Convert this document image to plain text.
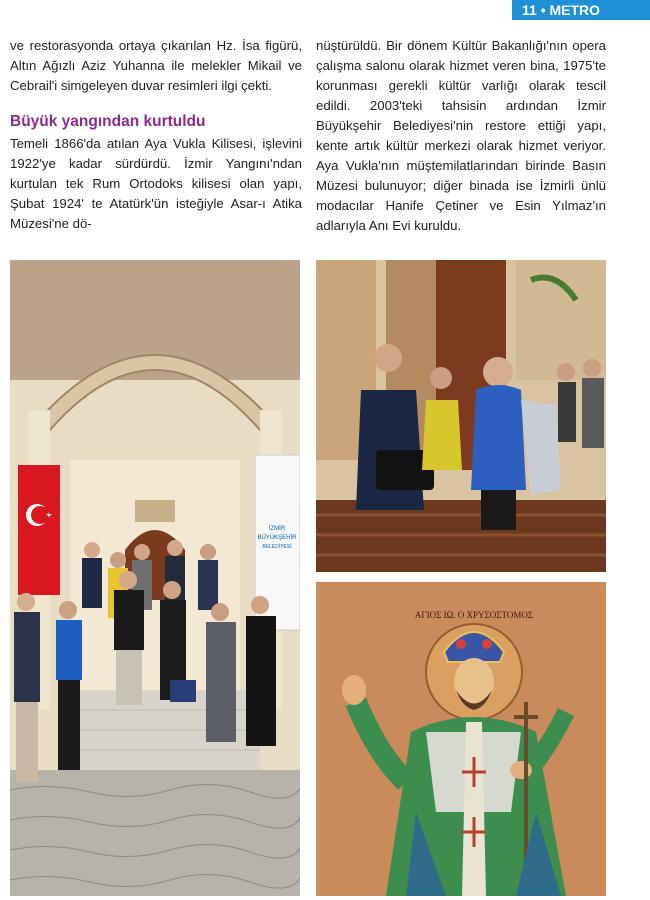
11 • METRO

ve restorasyonda ortaya çıkarılan Hz. İsa figürü, Altın Ağızlı Aziz Yuhanna ile melekler Mikail ve Cebrail'i simgeleyen duvar resimleri ilgi çekti.

Büyük yangından kurtuldu

Temeli 1866'da atılan Aya Vukla Kilisesi, işlevini 1922'ye kadar sürdürdü. İzmir Yangını'ndan kurtulan tek Rum Ortodoks kilisesi olan yapı, Şubat 1924' te Atatürk'ün isteğiyle Asar-ı Atika Müzesi'ne dö-

nüştürüldü. Bir dönem Kültür Bakanlığı'nın opera çalışma salonu olarak hizmet veren bina, 1975'te korunması gerekli kültür varlığı olarak tescil edildi. 2003'teki tahsisin ardından İzmir Büyükşehir Belediyesi'nin restore ettiği yapı, kente artık kültür merkezi olarak hizmet veriyor. Aya Vukla'nın müştemilatlarından birinde Basın Müzesi bulunuyor; diğer binada ise İzmirli ünlü modacılar Hanife Çetiner ve Esin Yılmaz'ın adlarıyla Anı Evi kuruldu.

İZMİR
BÜYÜKŞEHİR
BELEDİYESİ
ΑΓΙΟΣ ΙΩ. Ο ΧΡΥΣΟΣΤΟΜΟΣ
